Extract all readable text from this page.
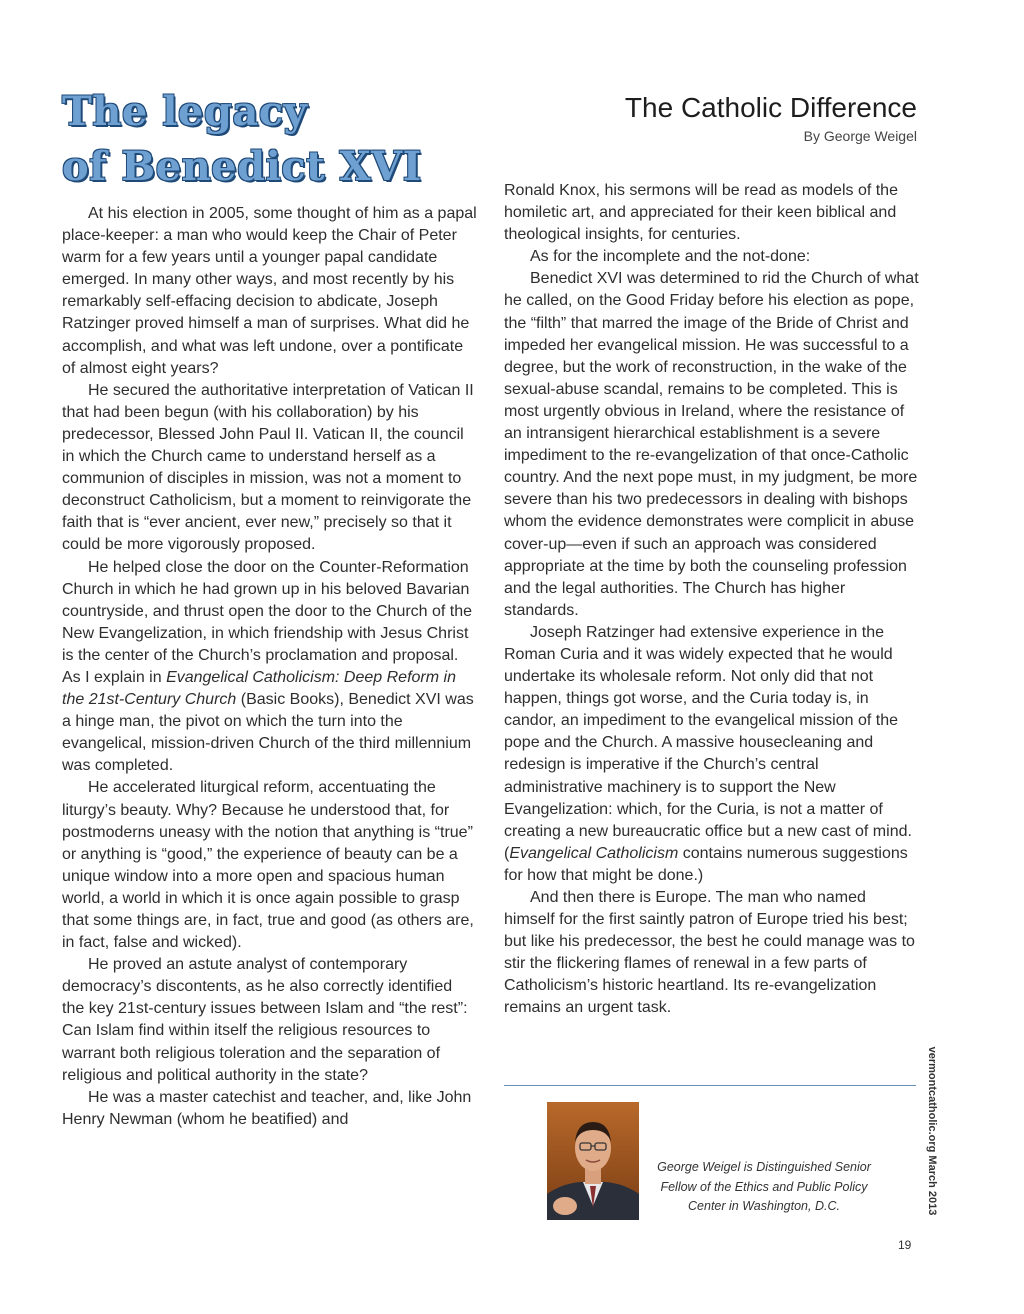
The legacy
of Benedict XVI
The Catholic Difference
By George Weigel

At his election in 2005, some thought of him as a papal place-keeper: a man who would keep the Chair of Peter warm for a few years until a younger papal candidate emerged. In many other ways, and most recently by his remarkably self-effacing decision to abdicate, Joseph Ratzinger proved himself a man of surprises. What did he accomplish, and what was left undone, over a pontificate of almost eight years?

He secured the authoritative interpretation of Vatican II that had been begun (with his collaboration) by his predecessor, Blessed John Paul II. Vatican II, the council in which the Church came to understand herself as a communion of disciples in mission, was not a moment to deconstruct Catholicism, but a moment to reinvigorate the faith that is “ever ancient, ever new,” precisely so that it could be more vigorously proposed.

He helped close the door on the Counter-Reformation Church in which he had grown up in his beloved Bavarian countryside, and thrust open the door to the Church of the New Evangelization, in which friendship with Jesus Christ is the center of the Church’s proclamation and proposal. As I explain in Evangelical Catholicism: Deep Reform in the 21st-Century Church (Basic Books), Benedict XVI was a hinge man, the pivot on which the turn into the evangelical, mission-driven Church of the third millennium was completed.

He accelerated liturgical reform, accentuating the liturgy’s beauty. Why? Because he understood that, for postmoderns uneasy with the notion that anything is “true” or anything is “good,” the experience of beauty can be a unique window into a more open and spacious human world, a world in which it is once again possible to grasp that some things are, in fact, true and good (as others are, in fact, false and wicked).

He proved an astute analyst of contemporary democracy’s discontents, as he also correctly identified the key 21st-century issues between Islam and “the rest”: Can Islam find within itself the religious resources to warrant both religious toleration and the separation of religious and political authority in the state?

He was a master catechist and teacher, and, like John Henry Newman (whom he beatified) and

Ronald Knox, his sermons will be read as models of the homiletic art, and appreciated for their keen biblical and theological insights, for centuries.

As for the incomplete and the not-done:

Benedict XVI was determined to rid the Church of what he called, on the Good Friday before his election as pope, the “filth” that marred the image of the Bride of Christ and impeded her evangelical mission. He was successful to a degree, but the work of reconstruction, in the wake of the sexual-abuse scandal, remains to be completed. This is most urgently obvious in Ireland, where the resistance of an intransigent hierarchical establishment is a severe impediment to the re-evangelization of that once-Catholic country. And the next pope must, in my judgment, be more severe than his two predecessors in dealing with bishops whom the evidence demonstrates were complicit in abuse cover-up—even if such an approach was considered appropriate at the time by both the counseling profession and the legal authorities. The Church has higher standards.

Joseph Ratzinger had extensive experience in the Roman Curia and it was widely expected that he would undertake its wholesale reform. Not only did that not happen, things got worse, and the Curia today is, in candor, an impediment to the evangelical mission of the pope and the Church. A massive housecleaning and redesign is imperative if the Church’s central administrative machinery is to support the New Evangelization: which, for the Curia, is not a matter of creating a new bureaucratic office but a new cast of mind. (Evangelical Catholicism contains numerous suggestions for how that might be done.)

And then there is Europe. The man who named himself for the first saintly patron of Europe tried his best; but like his predecessor, the best he could manage was to stir the flickering flames of renewal in a few parts of Catholicism’s historic heartland. Its re-evangelization remains an urgent task.

George Weigel is Distinguished Senior Fellow of the Ethics and Public Policy Center in Washington, D.C.	vermontcatholic.org March 2013
19
